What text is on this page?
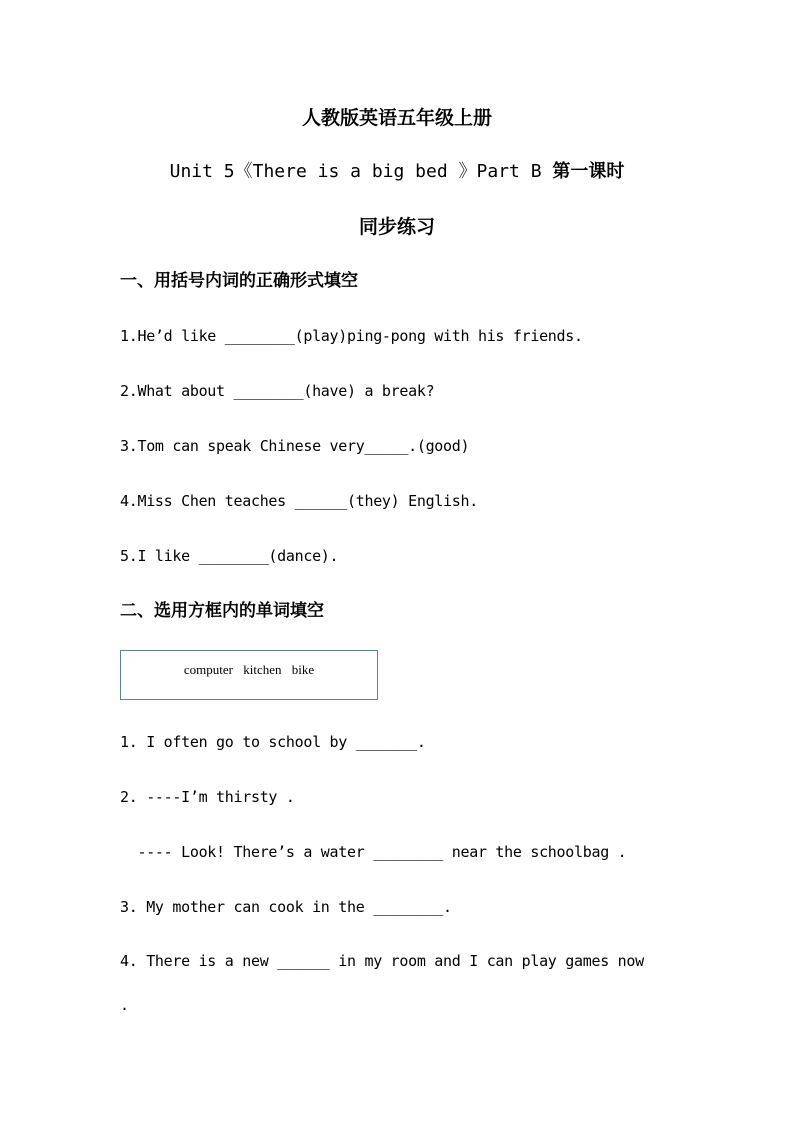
人教版英语五年级上册
Unit 5《There is a big bed 》Part B 第一课时
同步练习
一、用括号内词的正确形式填空
1.He’d like ________(play)ping-pong with his friends.
2.What about ________(have) a break?
3.Tom can speak Chinese very_____.(good)
4.Miss Chen teaches ______(they) English.
5.I like ________(dance).
二、选用方框内的单词填空
computer kitchen bike
1. I often go to school by _______.
2. ----I’m thirsty .
---- Look! There’s a water ________ near the schoolbag .
3. My mother can cook in the ________.
4. There is a new ______ in my room and I can play games now
.
